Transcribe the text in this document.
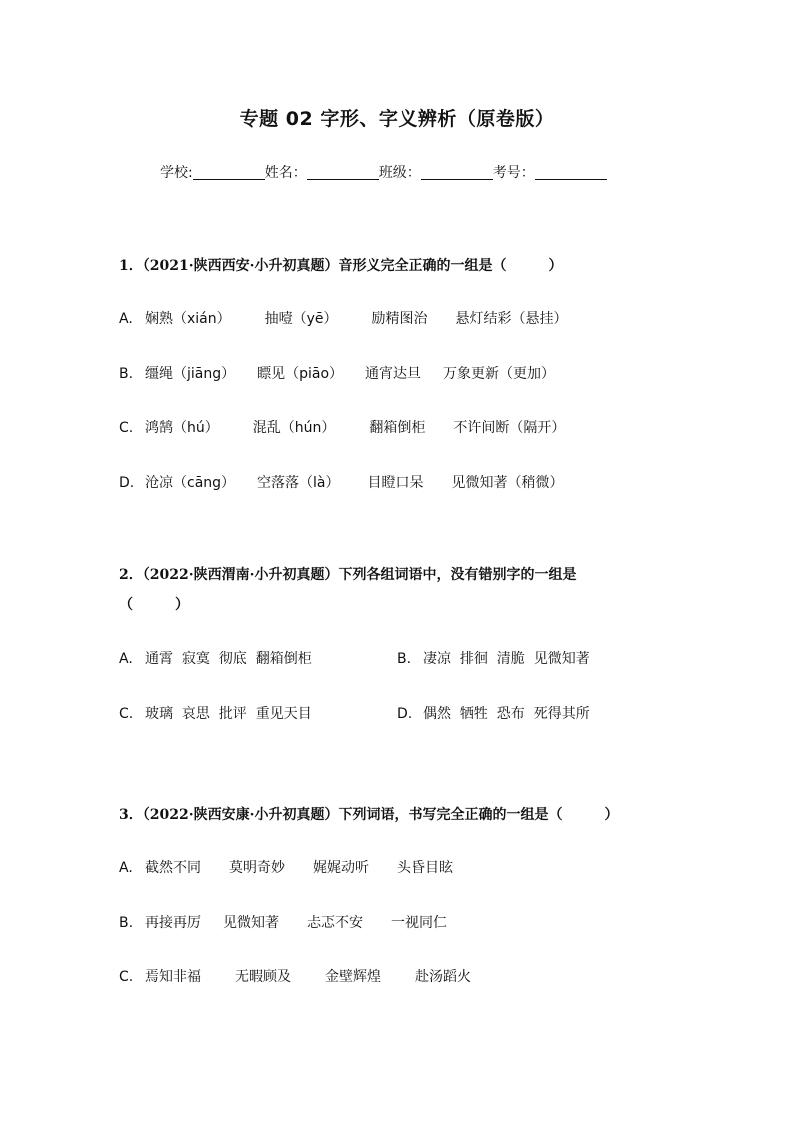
专题 02 字形、字义辨析（原卷版）
学校:	姓名：	班级：	考号：
1．（2021·陕西西安·小升初真题）音形义完全正确的一组是（　　　）
A. 娴熟（xián） 抽噎（yē） 励精图治 悬灯结彩（悬挂）
B. 缰绳（jiāng） 瞟见（piāo） 通宵达旦 万象更新（更加）
C. 鸿鹄（hú） 混乱（hún） 翻箱倒柜 不许间断（隔开）
D. 沧凉（cāng） 空落落（là） 目瞪口呆 见微知著（稍微）
2．（2022·陕西渭南·小升初真题）下列各组词语中，没有错别字的一组是
（　　　）
A. 通霄  寂寞  彻底  翻箱倒柜	B. 凄凉  排徊  清脆  见微知著
C. 玻璃  哀思  批评  重见天目	D. 偶然  牺牲  恐布  死得其所
3．（2022·陕西安康·小升初真题）下列词语，书写完全正确的一组是（　　　）
A. 截然不同 莫明奇妙 娓娓动听 头昏目眩
B. 再接再厉 见微知著 忐忑不安 一视同仁
C. 焉知非福 无暇顾及 金壁辉煌 赴汤蹈火
